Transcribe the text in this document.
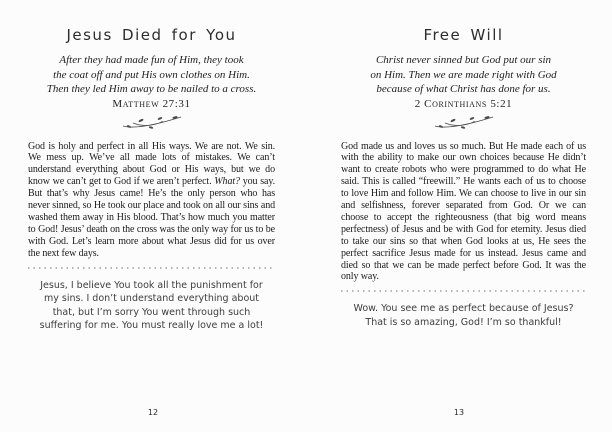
Jesus Died for You
After they had made fun of Him, they took
the coat off and put His own clothes on Him.
Then they led Him away to be nailed to a cross.
Matthew 27:31

God is holy and perfect in all His ways. We are not. We sin. We mess up. We’ve all made lots of mistakes. We can’t understand everything about God or His ways, but we do know we can’t get to God if we aren’t perfect. What? you say. But that’s why Jesus came! He’s the only person who has never sinned, so He took our place and took on all our sins and washed them away in His blood. That’s how much you matter to God! Jesus’ death on the cross was the only way for us to be with God. Let’s learn more about what Jesus did for us over the next few days.

Jesus, I believe You took all the punishment for
my sins. I don’t understand everything about
that, but I’m sorry You went through such
suffering for me. You must really love me a lot!
12
Free Will
Christ never sinned but God put our sin
on Him. Then we are made right with God
because of what Christ has done for us.
2 Corinthians 5:21

God made us and loves us so much. But He made each of us with the ability to make our own choices because He didn’t want to create robots who were programmed to do what He said. This is called “freewill.” He wants each of us to choose to love Him and follow Him. We can choose to live in our sin and selfishness, forever separated from God. Or we can choose to accept the righteousness (that big word means perfectness) of Jesus and be with God for eternity. Jesus died to take our sins so that when God looks at us, He sees the perfect sacrifice Jesus made for us instead. Jesus came and died so that we can be made perfect before God. It was the only way.

Wow. You see me as perfect because of Jesus?
That is so amazing, God! I’m so thankful!
13
